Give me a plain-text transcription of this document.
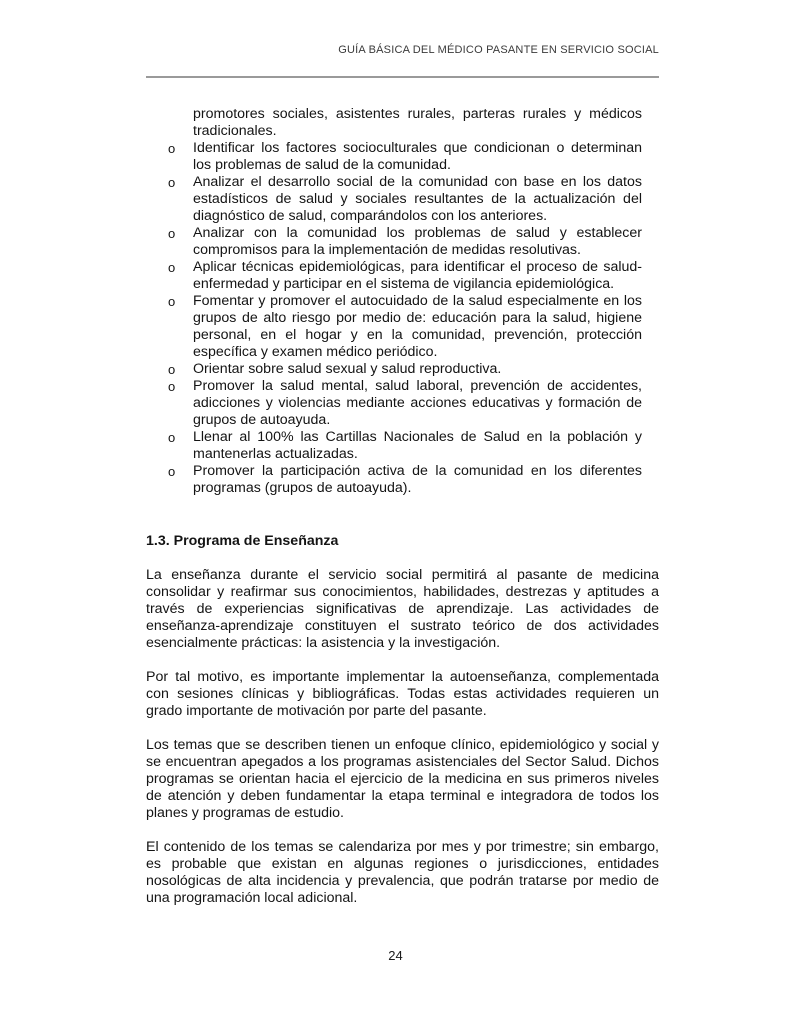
GUÍA BÁSICA DEL MÉDICO PASANTE EN SERVICIO SOCIAL
promotores sociales, asistentes rurales, parteras rurales y médicos tradicionales.
o Identificar los factores socioculturales que condicionan o determinan los problemas de salud de la comunidad.
o Analizar el desarrollo social de la comunidad con base en los datos estadísticos de salud y sociales resultantes de la actualización del diagnóstico de salud, comparándolos con los anteriores.
o Analizar con la comunidad los problemas de salud y establecer compromisos para la implementación de medidas resolutivas.
o Aplicar técnicas epidemiológicas, para identificar el proceso de salud-enfermedad y participar en el sistema de vigilancia epidemiológica.
o Fomentar y promover el autocuidado de la salud especialmente en los grupos de alto riesgo por medio de: educación para la salud, higiene personal, en el hogar y en la comunidad, prevención, protección específica y examen médico periódico.
o Orientar sobre salud sexual y salud reproductiva.
o Promover la salud mental, salud laboral, prevención de accidentes, adicciones y violencias mediante acciones educativas y formación de grupos de autoayuda.
o Llenar al 100% las Cartillas Nacionales de Salud en la población y mantenerlas actualizadas.
o Promover la participación activa de la comunidad en los diferentes programas (grupos de autoayuda).
1.3. Programa de Enseñanza

La enseñanza durante el servicio social permitirá al pasante de medicina consolidar y reafirmar sus conocimientos, habilidades, destrezas y aptitudes a través de experiencias significativas de aprendizaje. Las actividades de enseñanza-aprendizaje constituyen el sustrato teórico de dos actividades esencialmente prácticas: la asistencia y la investigación.

Por tal motivo, es importante implementar la autoenseñanza, complementada con sesiones clínicas y bibliográficas. Todas estas actividades requieren un grado importante de motivación por parte del pasante.

Los temas que se describen tienen un enfoque clínico, epidemiológico y social y se encuentran apegados a los programas asistenciales del Sector Salud. Dichos programas se orientan hacia el ejercicio de la medicina en sus primeros niveles de atención y deben fundamentar la etapa terminal e integradora de todos los planes y programas de estudio.

El contenido de los temas se calendariza por mes y por trimestre; sin embargo, es probable que existan en algunas regiones o jurisdicciones, entidades nosológicas de alta incidencia y prevalencia, que podrán tratarse por medio de una programación local adicional.

24
